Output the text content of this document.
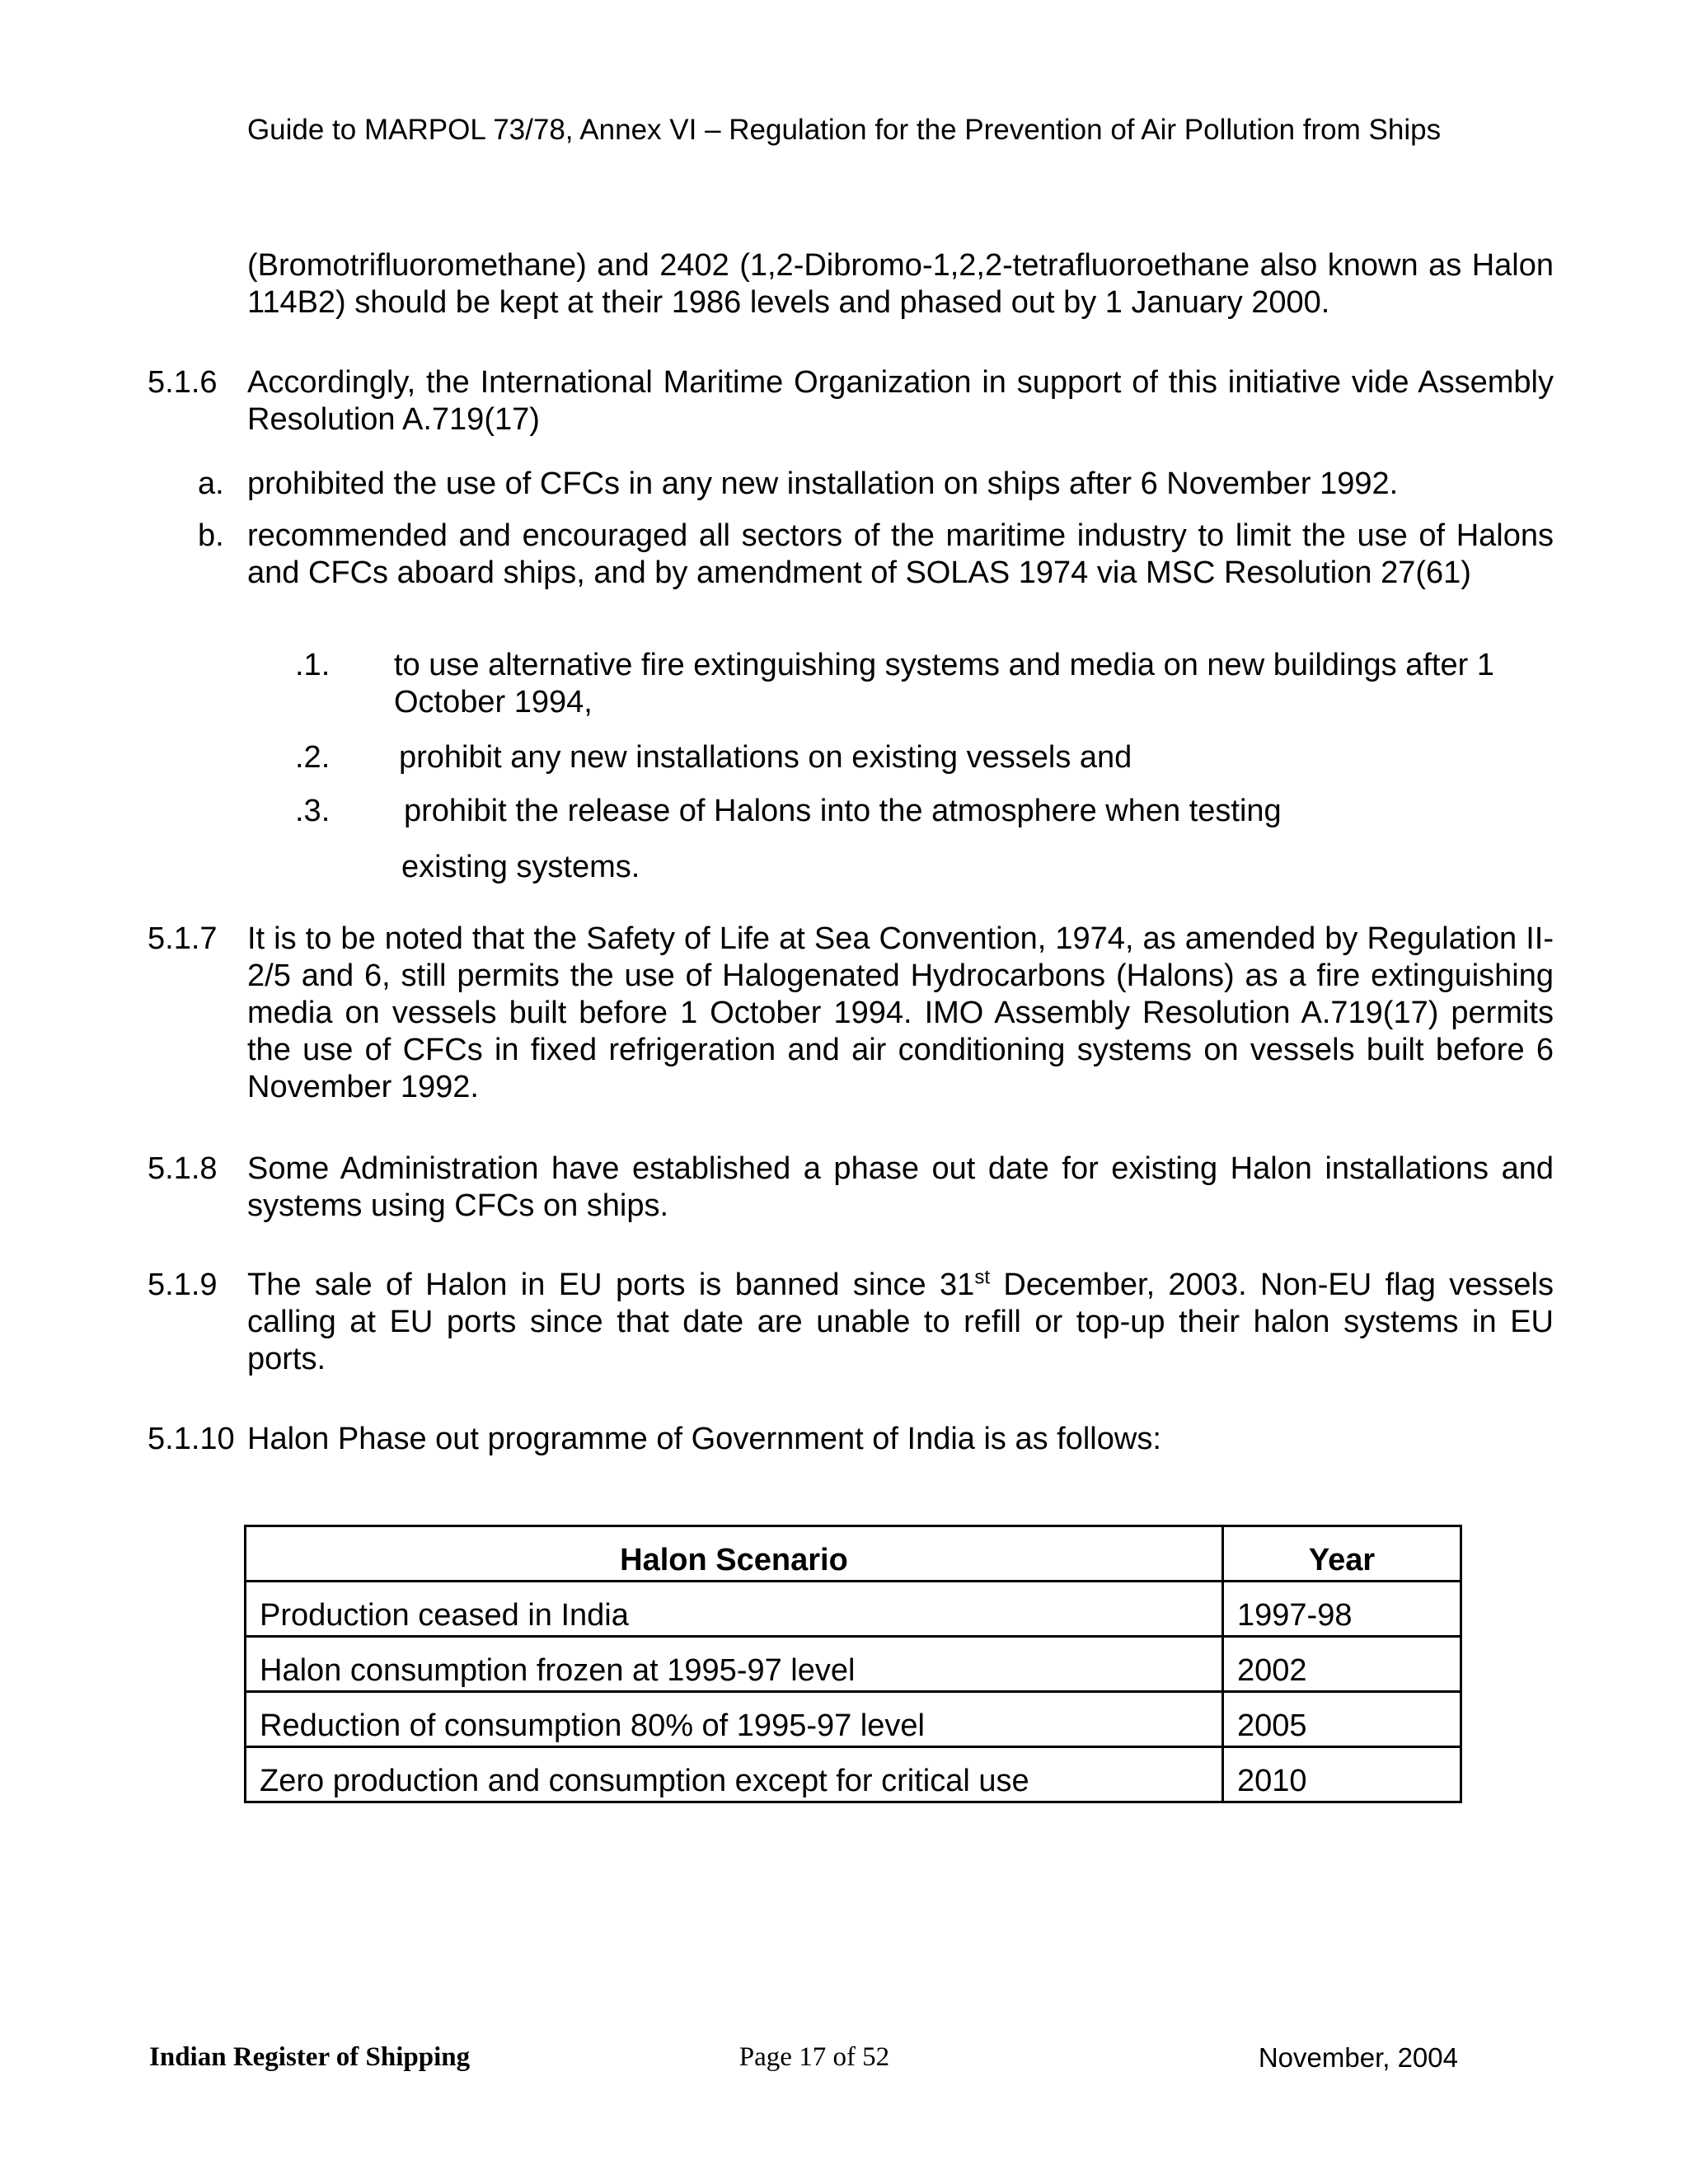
Guide to MARPOL 73/78, Annex VI – Regulation for the Prevention of Air Pollution from Ships
(Bromotrifluoromethane) and 2402 (1,2-Dibromo-1,2,2-tetrafluoroethane also known as Halon 114B2) should be kept at their 1986 levels and phased out by 1 January 2000.
5.1.6 Accordingly, the International Maritime Organization in support of this initiative vide Assembly Resolution A.719(17)
a. prohibited the use of CFCs in any new installation on ships after 6 November 1992.
b. recommended and encouraged all sectors of the maritime industry to limit the use of Halons and CFCs aboard ships, and by amendment of SOLAS 1974 via MSC Resolution 27(61)
.1. to use alternative fire extinguishing systems and media on new buildings after 1 October 1994,
.2. prohibit any new installations on existing vessels and
.3. prohibit the release of Halons into the atmosphere when testing
existing systems.
5.1.7 It is to be noted that the Safety of Life at Sea Convention, 1974, as amended by Regulation II-2/5 and 6, still permits the use of Halogenated Hydrocarbons (Halons) as a fire extinguishing media on vessels built before 1 October 1994. IMO Assembly Resolution A.719(17) permits the use of CFCs in fixed refrigeration and air conditioning systems on vessels built before 6 November 1992.
5.1.8 Some Administration have established a phase out date for existing Halon installations and systems using CFCs on ships.
5.1.9 The sale of Halon in EU ports is banned since 31st December, 2003. Non-EU flag vessels calling at EU ports since that date are unable to refill or top-up their halon systems in EU ports.
5.1.10 Halon Phase out programme of Government of India is as follows:
Halon Scenario	Year
Production ceased in India	1997-98
Halon consumption frozen at 1995-97 level	2002
Reduction of consumption 80% of 1995-97 level	2005
Zero production and consumption except for critical use	2010
Indian Register of Shipping	Page 17 of 52	November, 2004
